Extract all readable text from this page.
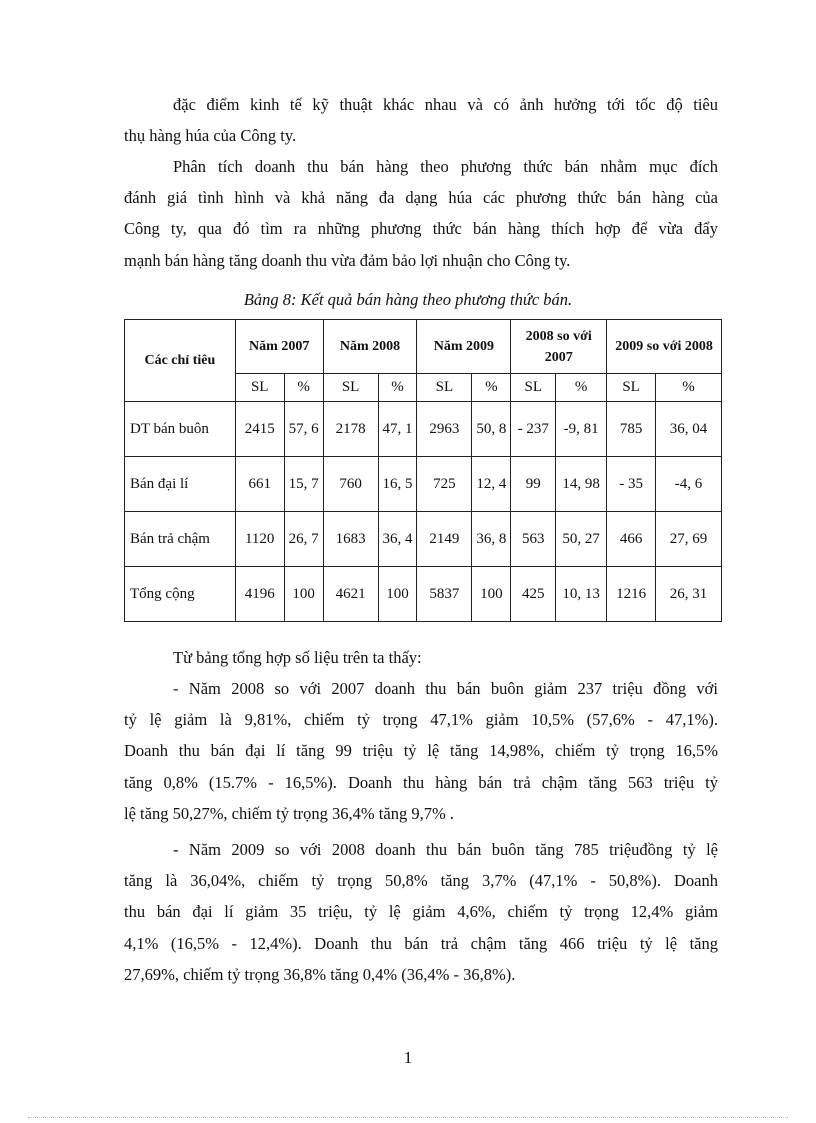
đặc điểm kinh tế kỹ thuật khác nhau và có ảnh hưởng tới tốc độ tiêu
thụ hàng húa của Công ty.

Phân tích doanh thu bán hàng theo phương thức bán nhằm mục đích
đánh giá tình hình và khả năng đa dạng húa các phương thức bán hàng của
Công ty, qua đó tìm ra những phương thức bán hàng thích hợp để vừa đẩy
mạnh bán hàng tăng doanh thu vừa đảm bảo lợi nhuận cho Công ty.

Bảng 8: Kết quả bán hàng theo phương thức bán.

Các chỉ tiêu	Năm 2007		Năm 2008		Năm 2009		2008 so với 2007		2009 so với 2008	
	SL	%	SL	%	SL	%	SL	%	SL	%
DT bán buôn	2415	57, 6	2178	47, 1	2963	50, 8	- 237	-9, 81	785	36, 04
Bán đại lí	661	15, 7	760	16, 5	725	12, 4	99	14, 98	- 35	-4, 6
Bán trả chậm	1120	26, 7	1683	36, 4	2149	36, 8	563	50, 27	466	27, 69
Tổng cộng	4196	100	4621	100	5837	100	425	10, 13	1216	26, 31

Từ bảng tổng hợp số liệu trên ta thấy:

- Năm 2008 so với 2007 doanh thu bán buôn giảm 237 triệu đồng với
tỷ lệ giảm là 9,81%, chiếm tỷ trọng 47,1% giảm 10,5% (57,6% - 47,1%).
Doanh thu bán đại lí tăng 99 triệu tỷ lệ tăng 14,98%, chiếm tỷ trọng 16,5%
tăng 0,8% (15.7% - 16,5%). Doanh thu hàng bán trả chậm tăng 563 triệu tỷ
lệ tăng 50,27%, chiếm tỷ trọng 36,4% tăng 9,7% .

- Năm 2009 so với 2008 doanh thu bán buôn tăng 785 triệuđồng tỷ lệ
tăng là 36,04%, chiếm tỷ trọng 50,8% tăng 3,7% (47,1% - 50,8%). Doanh
thu bán đại lí giảm 35 triệu, tỷ lệ giảm 4,6%, chiếm tỷ trọng 12,4% giảm
4,1% (16,5% - 12,4%). Doanh thu bán trả chậm tăng 466 triệu tỷ lệ tăng
27,69%, chiếm tỷ trọng 36,8% tăng 0,4% (36,4% - 36,8%).

1
